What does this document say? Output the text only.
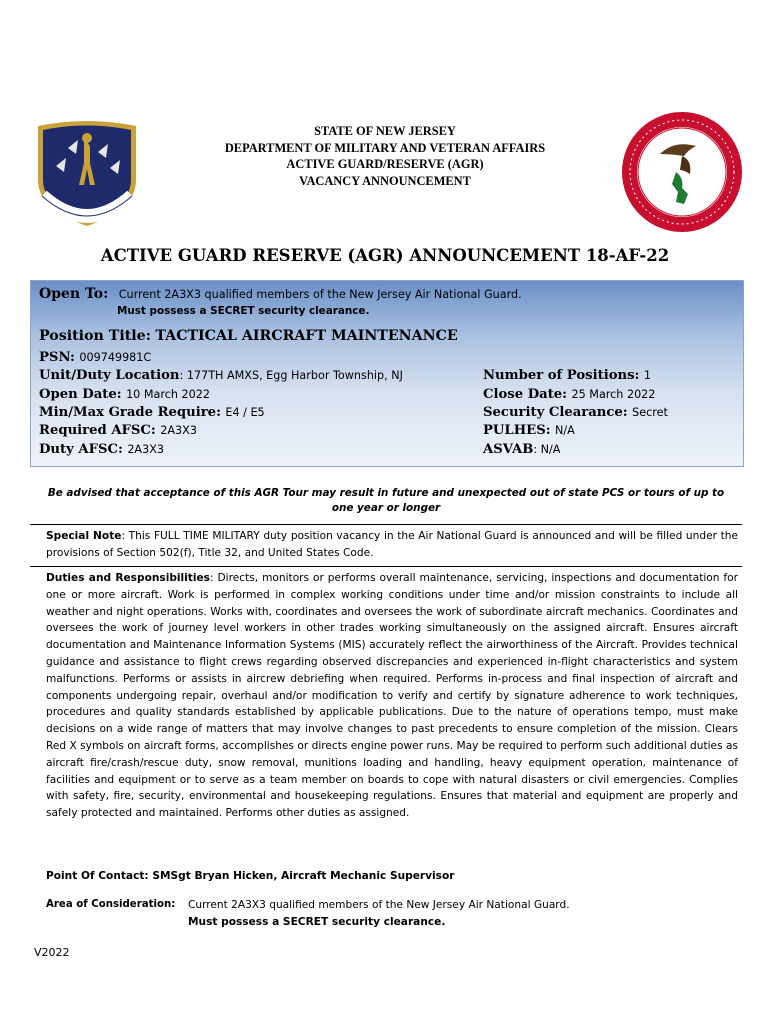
STATE OF NEW JERSEY
DEPARTMENT OF MILITARY AND VETERAN AFFAIRS
ACTIVE GUARD/RESERVE (AGR)
VACANCY ANNOUNCEMENT
ACTIVE GUARD RESERVE (AGR) ANNOUNCEMENT 18-AF-22
Open To: Current 2A3X3 qualified members of the New Jersey Air National Guard.
Must possess a SECRET security clearance.
Position Title: TACTICAL AIRCRAFT MAINTENANCE
PSN: 009749981C
Unit/Duty Location: 177TH AMXS, Egg Harbor Township, NJ
Open Date: 10 March 2022
Min/Max Grade Require: E4 / E5
Required AFSC: 2A3X3
Duty AFSC: 2A3X3
Number of Positions: 1
Close Date: 25 March 2022
Security Clearance: Secret
PULHES: N/A
ASVAB: N/A
Be advised that acceptance of this AGR Tour may result in future and unexpected out of state PCS or tours of up to one year or longer
Special Note: This FULL TIME MILITARY duty position vacancy in the Air National Guard is announced and will be filled under the provisions of Section 502(f), Title 32, and United States Code.
Duties and Responsibilities: Directs, monitors or performs overall maintenance, servicing, inspections and documentation for one or more aircraft. Work is performed in complex working conditions under time and/or mission constraints to include all weather and night operations. Works with, coordinates and oversees the work of subordinate aircraft mechanics. Coordinates and oversees the work of journey level workers in other trades working simultaneously on the assigned aircraft. Ensures aircraft documentation and Maintenance Information Systems (MIS) accurately reflect the airworthiness of the Aircraft. Provides technical guidance and assistance to flight crews regarding observed discrepancies and experienced in-flight characteristics and system malfunctions. Performs or assists in aircrew debriefing when required. Performs in-process and final inspection of aircraft and components undergoing repair, overhaul and/or modification to verify and certify by signature adherence to work techniques, procedures and quality standards established by applicable publications. Due to the nature of operations tempo, must make decisions on a wide range of matters that may involve changes to past precedents to ensure completion of the mission. Clears Red X symbols on aircraft forms, accomplishes or directs engine power runs. May be required to perform such additional duties as aircraft fire/crash/rescue duty, snow removal, munitions loading and handling, heavy equipment operation, maintenance of facilities and equipment or to serve as a team member on boards to cope with natural disasters or civil emergencies. Complies with safety, fire, security, environmental and housekeeping regulations. Ensures that material and equipment are properly and safely protected and maintained. Performs other duties as assigned.
Point Of Contact: SMSgt Bryan Hicken, Aircraft Mechanic Supervisor
Area of Consideration: Current 2A3X3 qualified members of the New Jersey Air National Guard.
Must possess a SECRET security clearance.
V2022
